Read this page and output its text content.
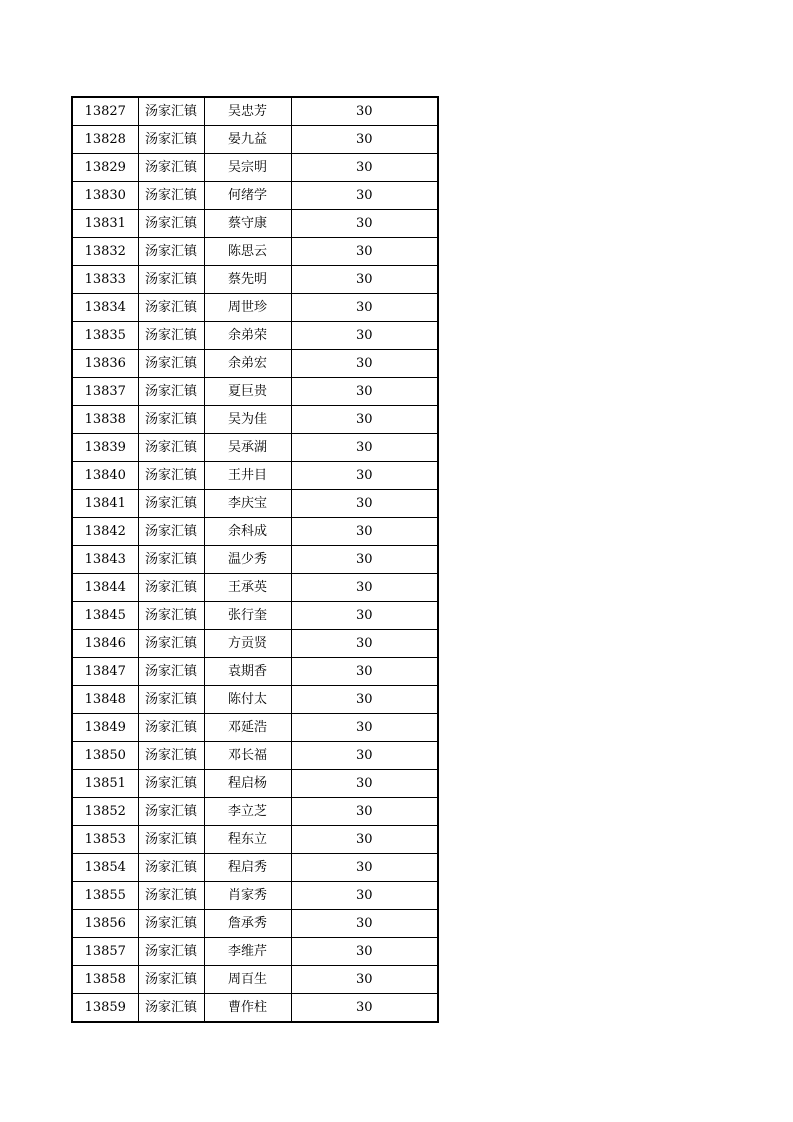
13827	汤家汇镇	吴忠芳	30
13828	汤家汇镇	晏九益	30
13829	汤家汇镇	吴宗明	30
13830	汤家汇镇	何绪学	30
13831	汤家汇镇	蔡守康	30
13832	汤家汇镇	陈思云	30
13833	汤家汇镇	蔡先明	30
13834	汤家汇镇	周世珍	30
13835	汤家汇镇	余弟荣	30
13836	汤家汇镇	余弟宏	30
13837	汤家汇镇	夏巨贵	30
13838	汤家汇镇	吴为佳	30
13839	汤家汇镇	吴承湖	30
13840	汤家汇镇	王井目	30
13841	汤家汇镇	李庆宝	30
13842	汤家汇镇	余科成	30
13843	汤家汇镇	温少秀	30
13844	汤家汇镇	王承英	30
13845	汤家汇镇	张行奎	30
13846	汤家汇镇	方贡贤	30
13847	汤家汇镇	袁期香	30
13848	汤家汇镇	陈付太	30
13849	汤家汇镇	邓延浩	30
13850	汤家汇镇	邓长福	30
13851	汤家汇镇	程启杨	30
13852	汤家汇镇	李立芝	30
13853	汤家汇镇	程东立	30
13854	汤家汇镇	程启秀	30
13855	汤家汇镇	肖家秀	30
13856	汤家汇镇	詹承秀	30
13857	汤家汇镇	李维芹	30
13858	汤家汇镇	周百生	30
13859	汤家汇镇	曹作柱	30
